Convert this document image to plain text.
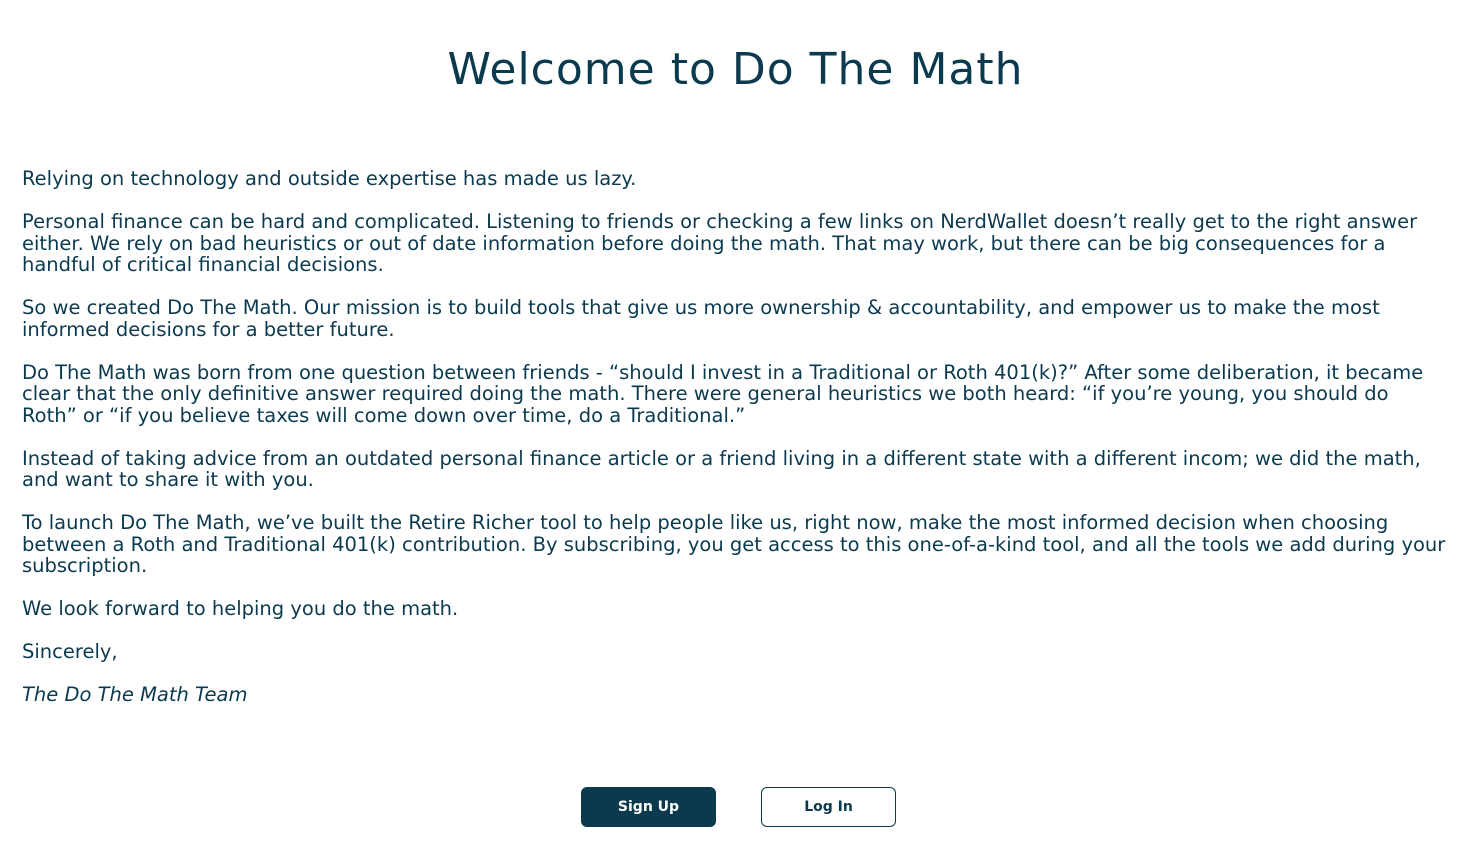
Welcome to Do The Math

Relying on technology and outside expertise has made us lazy.

Personal finance can be hard and complicated. Listening to friends or checking a few links on NerdWallet doesn’t really get to the right answer either. We rely on bad heuristics or out of date information before doing the math. That may work, but there can be big consequences for a handful of critical financial decisions.

So we created Do The Math. Our mission is to build tools that give us more ownership & accountability, and empower us to make the most informed decisions for a better future.

Do The Math was born from one question between friends - “should I invest in a Traditional or Roth 401(k)?” After some deliberation, it became clear that the only definitive answer required doing the math. There were general heuristics we both heard: “if you’re young, you should do Roth” or “if you believe taxes will come down over time, do a Traditional.”

Instead of taking advice from an outdated personal finance article or a friend living in a different state with a different incom; we did the math, and want to share it with you.

To launch Do The Math, we’ve built the Retire Richer tool to help people like us, right now, make the most informed decision when choosing between a Roth and Traditional 401(k) contribution. By subscribing, you get access to this one-of-a-kind tool, and all the tools we add during your subscription.

We look forward to helping you do the math.

Sincerely,

The Do The Math Team

Sign Up	Log In
